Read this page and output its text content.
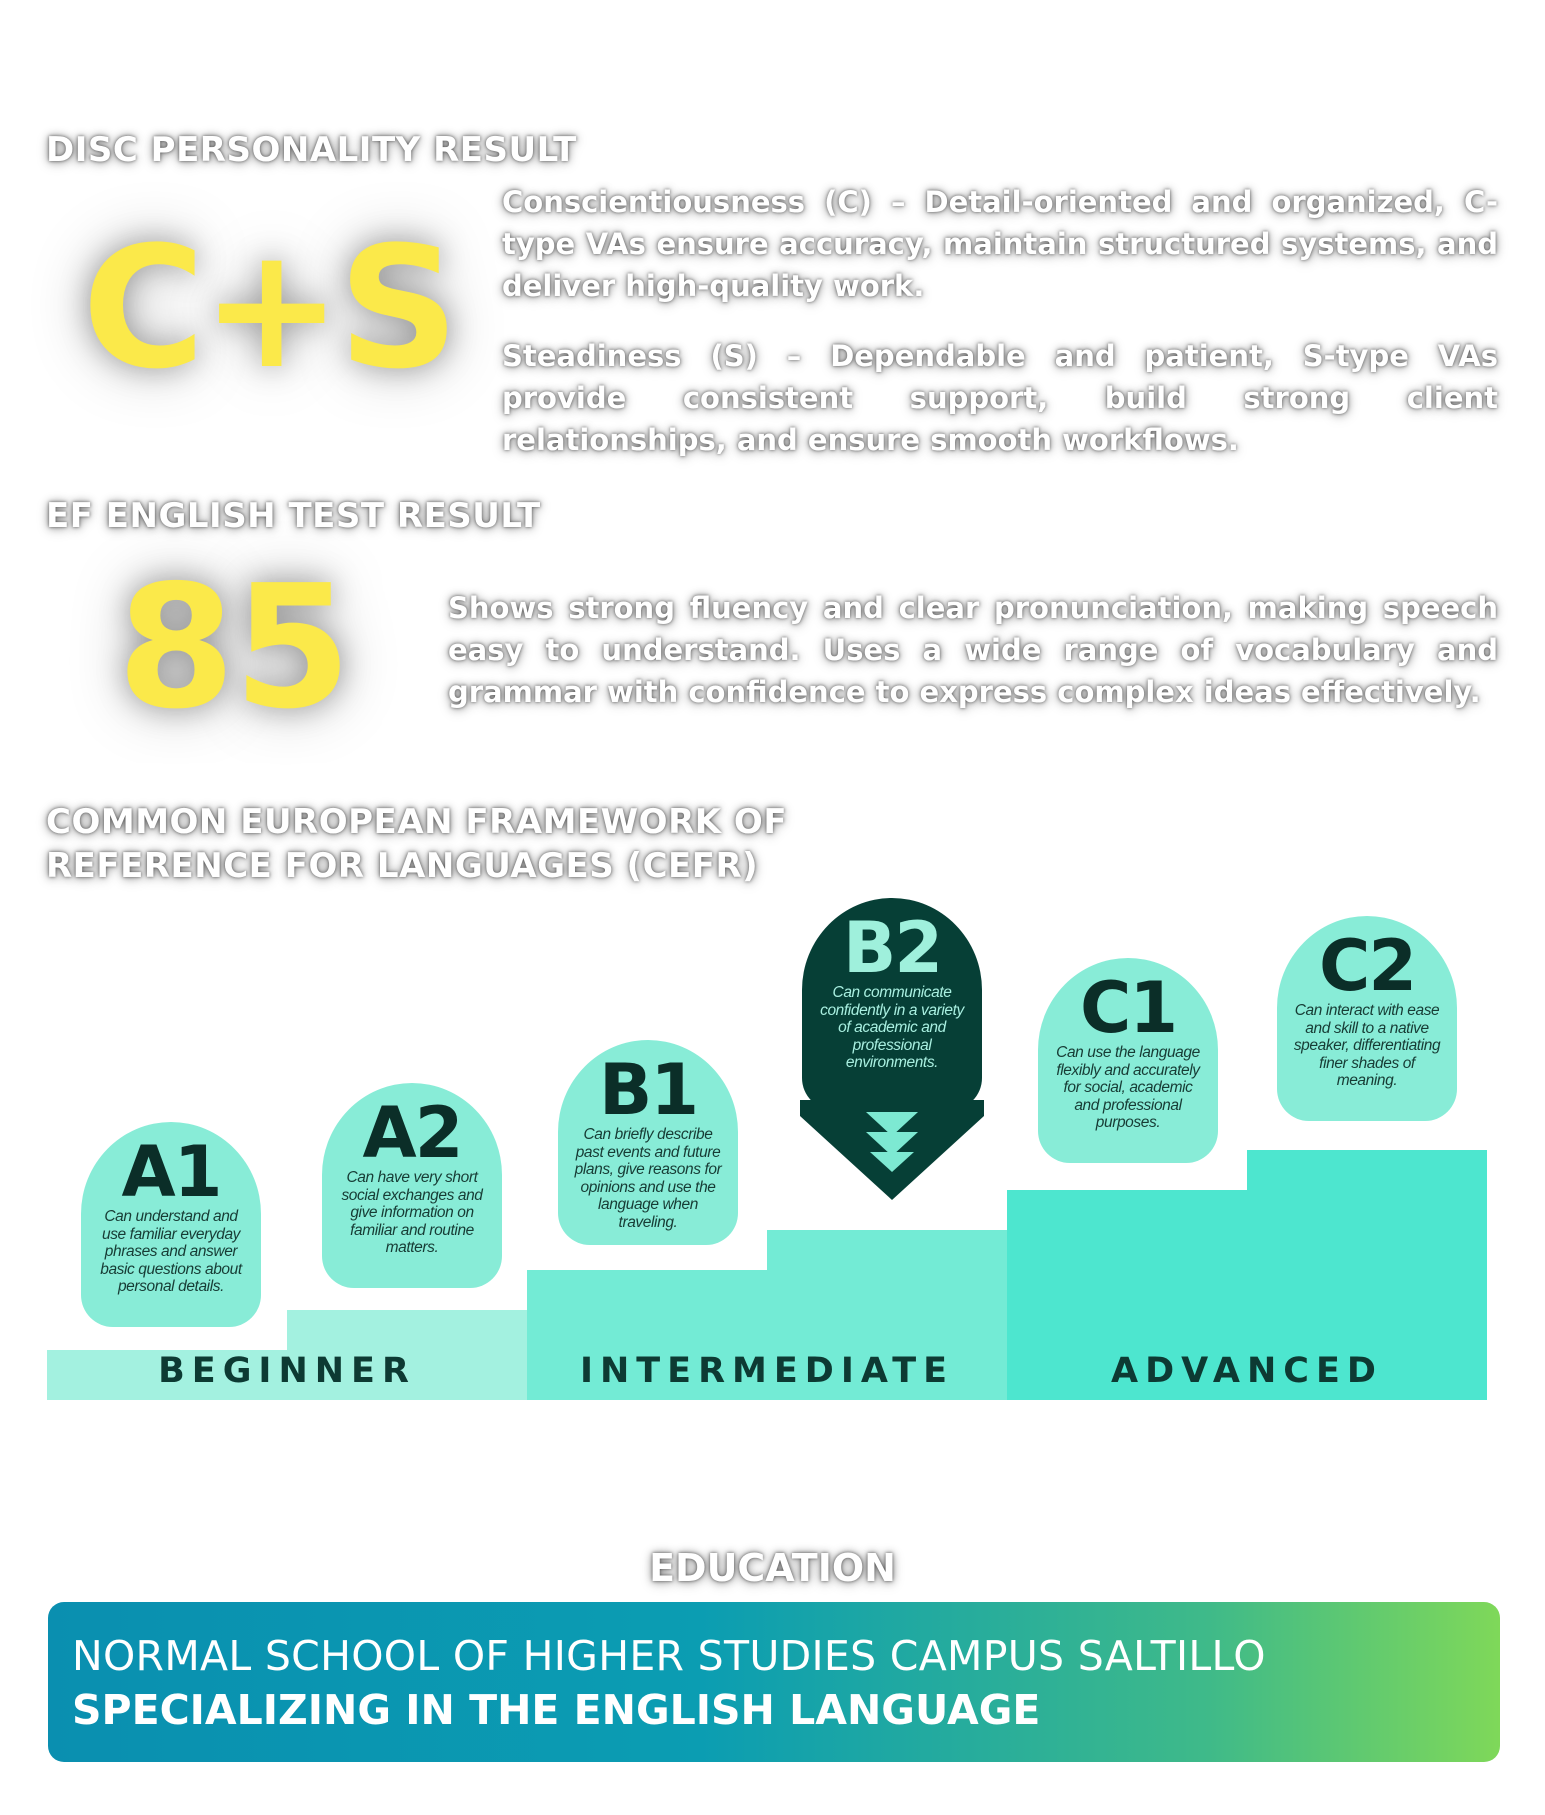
DISC PERSONALITY RESULT
C+S
Conscientiousness (C) – Detail-oriented and organized, C-type VAs ensure accuracy, maintain structured systems, and deliver high-quality work.
Steadiness (S) – Dependable and patient, S-type VAs provide consistent support, build strong client relationships, and ensure smooth workflows.
EF ENGLISH TEST RESULT
85	Shows strong fluency and clear pronunciation, making speech easy to understand. Uses a wide range of vocabulary and grammar with confidence to express complex ideas effectively.
COMMON EUROPEAN FRAMEWORK OF
REFERENCE FOR LANGUAGES (CEFR)
BEGINNER	INTERMEDIATE	ADVANCED
A1
Can understand and use familiar everyday phrases and answer basic questions about personal details.
A2
Can have very short social exchanges and give information on familiar and routine matters.
B1
Can briefly describe past events and future plans, give reasons for opinions and use the language when traveling.
B2
Can communicate confidently in a variety of academic and professional environments.
C1
Can use the language flexibly and accurately for social, academic and professional purposes.
C2
Can interact with ease and skill to a native speaker, differentiating finer shades of meaning.
EDUCATION
NORMAL SCHOOL OF HIGHER STUDIES CAMPUS SALTILLO
SPECIALIZING IN THE ENGLISH LANGUAGE
